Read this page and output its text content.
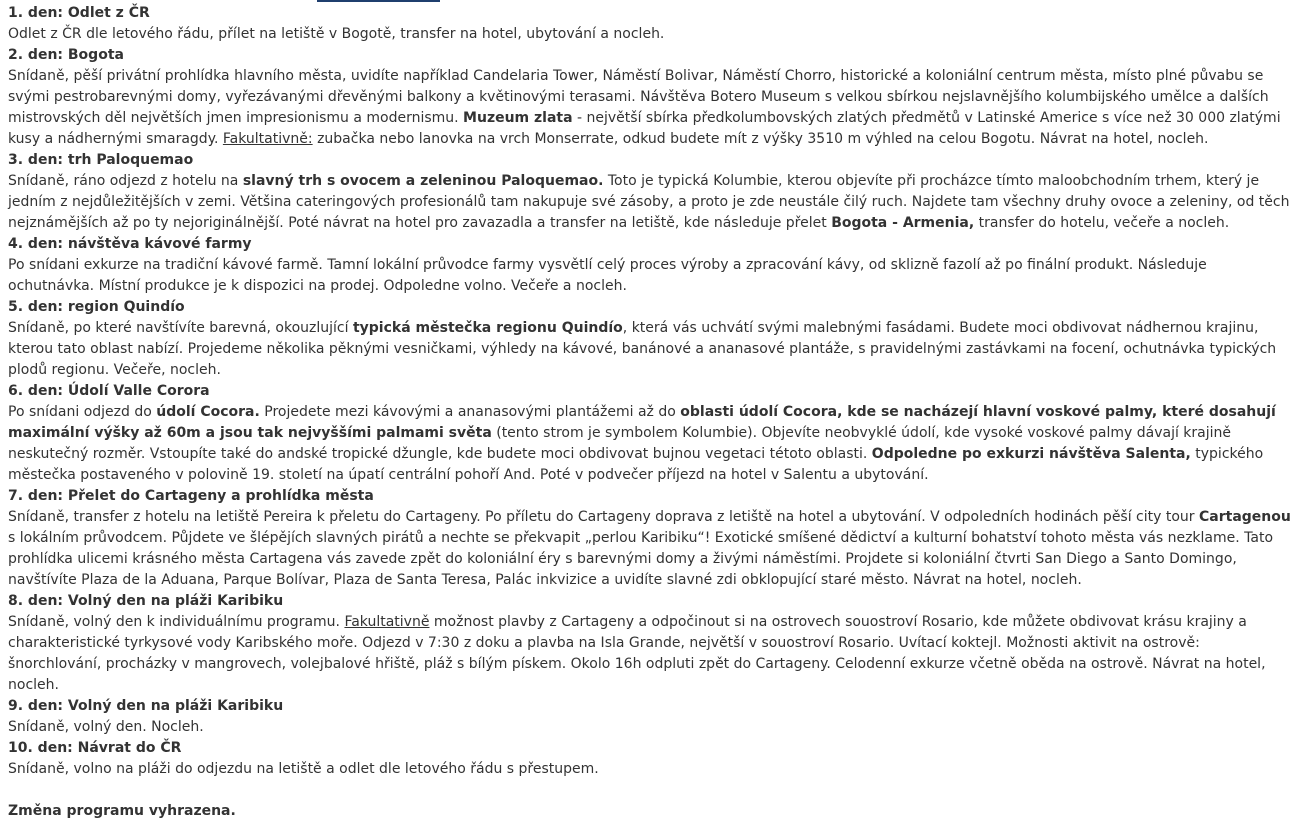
1. den: Odlet z ČR
Odlet z ČR dle letového řádu, přílet na letiště v Bogotě, transfer na hotel, ubytování a nocleh.
2. den: Bogota
Snídaně, pěší privátní prohlídka hlavního města, uvidíte například Candelaria Tower, Náměstí Bolivar, Náměstí Chorro, historické a koloniální centrum města, místo plné půvabu se
svými pestrobarevnými domy, vyřezávanými dřevěnými balkony a květinovými terasami. Návštěva Botero Museum s velkou sbírkou nejslavnějšího kolumbijského umělce a dalších
mistrovských děl největších jmen impresionismu a modernismu. Muzeum zlata - největší sbírka předkolumbovských zlatých předmětů v Latinské Americe s více než 30 000 zlatými
kusy a nádhernými smaragdy. Fakultativně: zubačka nebo lanovka na vrch Monserrate, odkud budete mít z výšky 3510 m výhled na celou Bogotu. Návrat na hotel, nocleh.
3. den: trh Paloquemao
Snídaně, ráno odjezd z hotelu na slavný trh s ovocem a zeleninou Paloquemao. Toto je typická Kolumbie, kterou objevíte při procházce tímto maloobchodním trhem, který je
jedním z nejdůležitějších v zemi. Většina cateringových profesionálů tam nakupuje své zásoby, a proto je zde neustále čilý ruch. Najdete tam všechny druhy ovoce a zeleniny, od těch
nejznámějších až po ty nejoriginálnější. Poté návrat na hotel pro zavazadla a transfer na letiště, kde následuje přelet Bogota - Armenia, transfer do hotelu, večeře a nocleh.
4. den: návštěva kávové farmy
Po snídani exkurze na tradiční kávové farmě. Tamní lokální průvodce farmy vysvětlí celý proces výroby a zpracování kávy, od sklizně fazolí až po finální produkt. Následuje
ochutnávka. Místní produkce je k dispozici na prodej. Odpoledne volno. Večeře a nocleh.
5. den: region Quindío
Snídaně, po které navštívíte barevná, okouzlující typická městečka regionu Quindío, která vás uchvátí svými malebnými fasádami. Budete moci obdivovat nádhernou krajinu,
kterou tato oblast nabízí. Projedeme několika pěknými vesničkami, výhledy na kávové, banánové a ananasové plantáže, s pravidelnými zastávkami na focení, ochutnávka typických
plodů regionu. Večeře, nocleh.
6. den: Údolí Valle Corora
Po snídani odjezd do údolí Cocora. Projedete mezi kávovými a ananasovými plantážemi až do oblasti údolí Cocora, kde se nacházejí hlavní voskové palmy, které dosahují
maximální výšky až 60m a jsou tak nejvyššími palmami světa (tento strom je symbolem Kolumbie). Objevíte neobvyklé údolí, kde vysoké voskové palmy dávají krajině
neskutečný rozměr. Vstoupíte také do andské tropické džungle, kde budete moci obdivovat bujnou vegetaci tétoto oblasti. Odpoledne po exkurzi návštěva Salenta, typického
městečka postaveného v polovině 19. století na úpatí centrální pohoří And. Poté v podvečer příjezd na hotel v Salentu a ubytování.
7. den: Přelet do Cartageny a prohlídka města
Snídaně, transfer z hotelu na letiště Pereira k přeletu do Cartageny. Po příletu do Cartageny doprava z letiště na hotel a ubytování. V odpoledních hodinách pěší city tour Cartagenou
s lokálním průvodcem. Půjdete ve šlépějích slavných pirátů a nechte se překvapit „perlou Karibiku“! Exotické smíšené dědictví a kulturní bohatství tohoto města vás nezklame. Tato
prohlídka ulicemi krásného města Cartagena vás zavede zpět do koloniální éry s barevnými domy a živými náměstími. Projdete si koloniální čtvrti San Diego a Santo Domingo,
navštívíte Plaza de la Aduana, Parque Bolívar, Plaza de Santa Teresa, Palác inkvizice a uvidíte slavné zdi obklopující staré město. Návrat na hotel, nocleh.
8. den: Volný den na pláži Karibiku
Snídaně, volný den k individuálnímu programu. Fakultativně možnost plavby z Cartageny a odpočinout si na ostrovech souostroví Rosario, kde můžete obdivovat krásu krajiny a
charakteristické tyrkysové vody Karibského moře. Odjezd v 7:30 z doku a plavba na Isla Grande, největší v souostroví Rosario. Uvítací koktejl. Možnosti aktivit na ostrově:
šnorchlování, procházky v mangrovech, volejbalové hřiště, pláž s bílým pískem. Okolo 16h odpluti zpět do Cartageny. Celodenní exkurze včetně oběda na ostrově. Návrat na hotel,
nocleh.
9. den: Volný den na pláži Karibiku
Snídaně, volný den. Nocleh.
10. den: Návrat do ČR
Snídaně, volno na pláži do odjezdu na letiště a odlet dle letového řádu s přestupem.
Změna programu vyhrazena.
